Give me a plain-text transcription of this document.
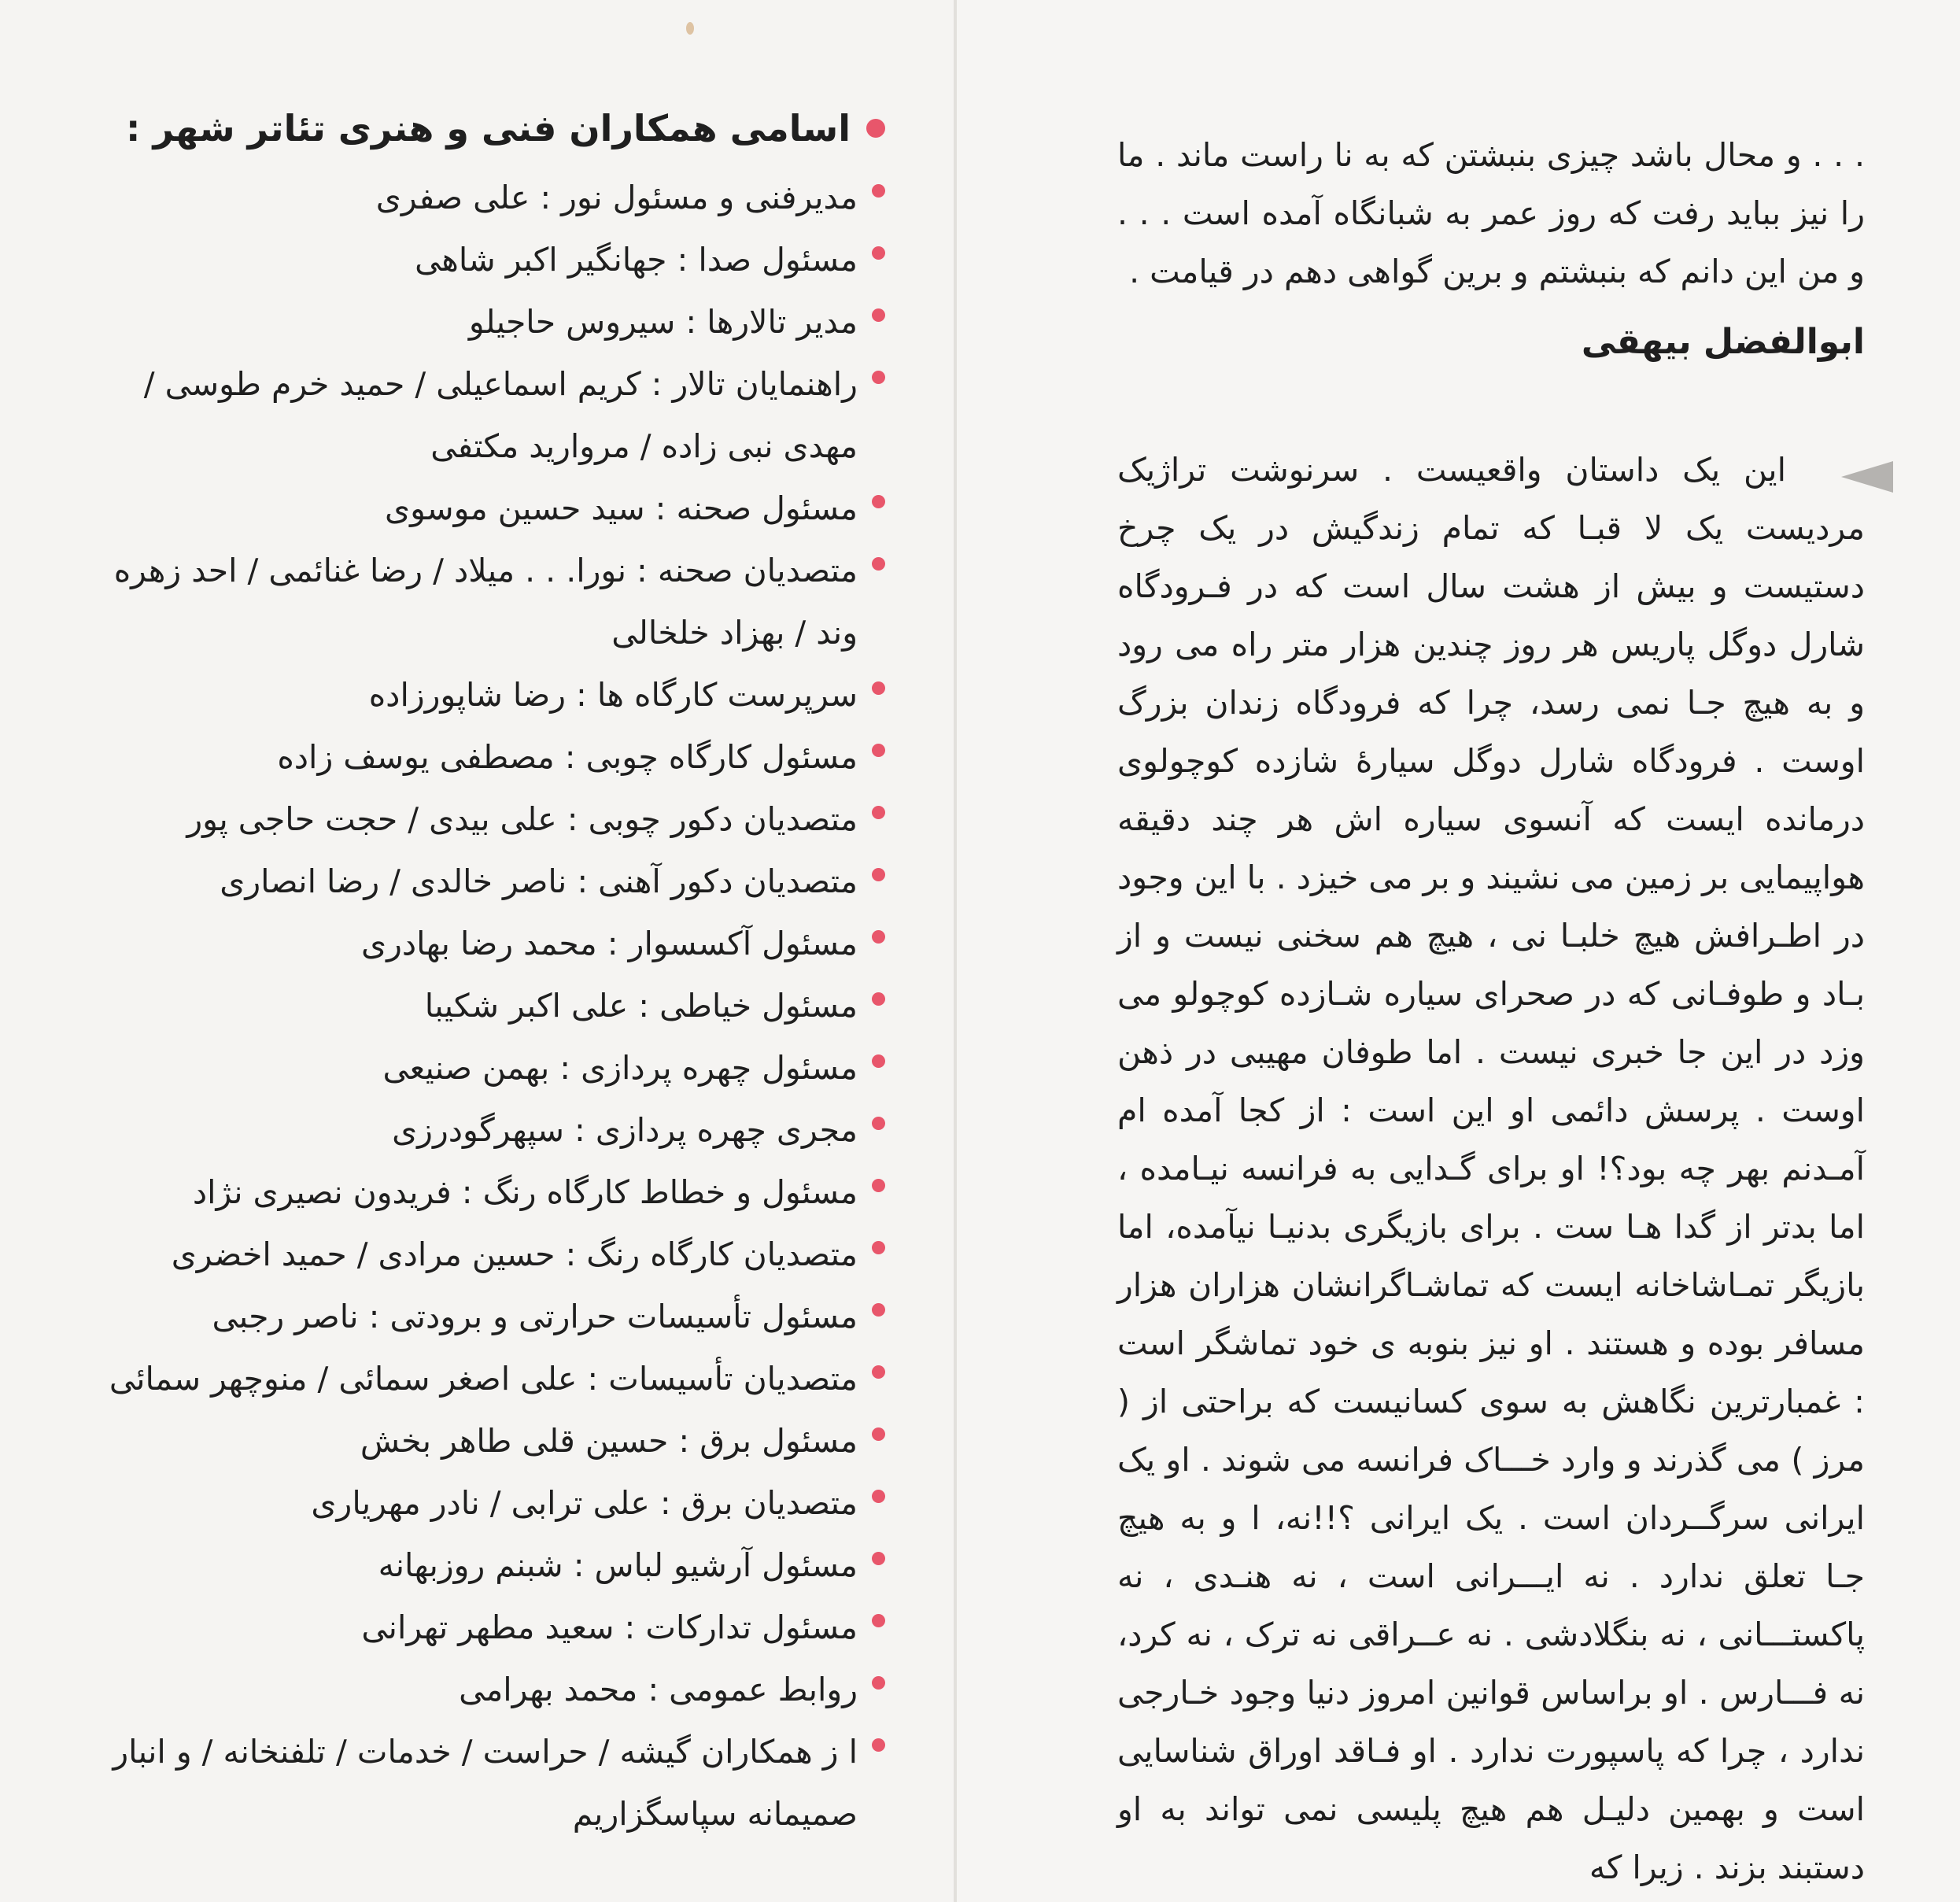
اسامی همکاران فنی و هنری تئاتر شهر :
مدیرفنی و مسئول نور : علی صفری
مسئول صدا : جهانگیر اکبر شاهی
مدیر تالارها : سیروس حاجیلو
راهنمایان تالار : کریم اسماعیلی / حمید خرم طوسی / مهدی نبی زاده / مروارید مکتفی
مسئول صحنه : سید حسین موسوی
متصدیان صحنه : نورا. . . میلاد / رضا غنائمی / احد زهره وند / بهزاد خلخالی
سرپرست کارگاه ها : رضا شاپورزاده
مسئول کارگاه چوبی : مصطفی یوسف زاده
متصدیان دکور چوبی : علی بیدی / حجت حاجی پور
متصدیان دکور آهنی : ناصر خالدی / رضا انصاری
مسئول آکسسوار : محمد رضا بهادری
مسئول خیاطی : علی اکبر شکیبا
مسئول چهره پردازی : بهمن صنیعی
مجری چهره پردازی : سپهرگودرزی
مسئول و خطاط کارگاه رنگ : فریدون نصیری نژاد
متصدیان کارگاه رنگ : حسین مرادی / حمید اخضری
مسئول تأسیسات حرارتی و برودتی : ناصر رجبی
متصدیان تأسیسات : علی اصغر سمائی / منوچهر سمائی
مسئول برق : حسین قلی طاهر بخش
متصدیان برق : علی ترابی / نادر مهریاری
مسئول آرشیو لباس : شبنم روزبهانه
مسئول تدارکات : سعید مطهر تهرانی
روابط عمومی : محمد بهرامی
ا ز همکاران گیشه / حراست / خدمات / تلفنخانه / و انبار صمیمانه سپاسگزاریم

. . . و محال باشد چیزی بنبشتن که به نا راست ماند . ما را نیز بباید رفت که روز عمر به شبانگاه آمده است . . . و من این دانم که بنبشتم و برین گواهی دهم در قیامت .

ابوالفضل بیهقی

این یک داستان واقعیست . سرنوشت تراژیک مردیست یک لا قبـا که تمام زندگیش در یک چرخ دستیست و بیش از هشت سال است که در فـرودگاه شارل دوگل پاریس هر روز چندین هزار متر راه می رود و به هیچ جـا نمی رسد، چرا که فرودگاه زندان بزرگ اوست . فرودگاه شارل دوگل سیارهٔ شازده کوچولوی درمانده ایست که آنسوی سیاره اش هر چند دقیقه هواپیمایی بر زمین می نشیند و بر می خیزد . با این وجود در اطـرافش هیچ خلبـا نی ، هیچ هم سخنی نیست و از بـاد و طوفـانی که در صحرای سیاره شـازده کوچولو می وزد در این جا خبری نیست . اما طوفان مهیبی در ذهن اوست . پرسش دائمی او این است : از کجا آمده ام آمـدنم بهر چه بود؟! او برای گـدایی به فرانسه نیـامده ، اما بدتر از گدا هـا ست . برای بازیگری بدنیـا نیآمده، اما بازیگر تمـاشاخانه ایست که تماشـاگرانشان هزاران هزار مسافر بوده و هستند . او نیز بنوبه ی خود تماشگر است : غمبارترین نگاهش به سوی کسانیست که براحتی از ( مرز ) می گذرند و وارد خـــاک فرانسه می شوند . او یک ایرانی سرگــردان است . یک ایرانی ؟!!نه، ا و به هیچ جـا تعلق ندارد . نه ایـــرانی است ، نه هنـدی ، نه پاکستـــانی ، نه بنگلادشی . نه عــراقی نه ترک ، نه کرد، نه فـــارس . او براساس قوانین امروز دنیا وجود خـارجی ندارد ، چرا که پاسپورت ندارد . او فـاقد اوراق شناسایی است و بهمین دلیـل هم هیچ پلیسی نمی تواند به او دستبند بزند . زیرا که
